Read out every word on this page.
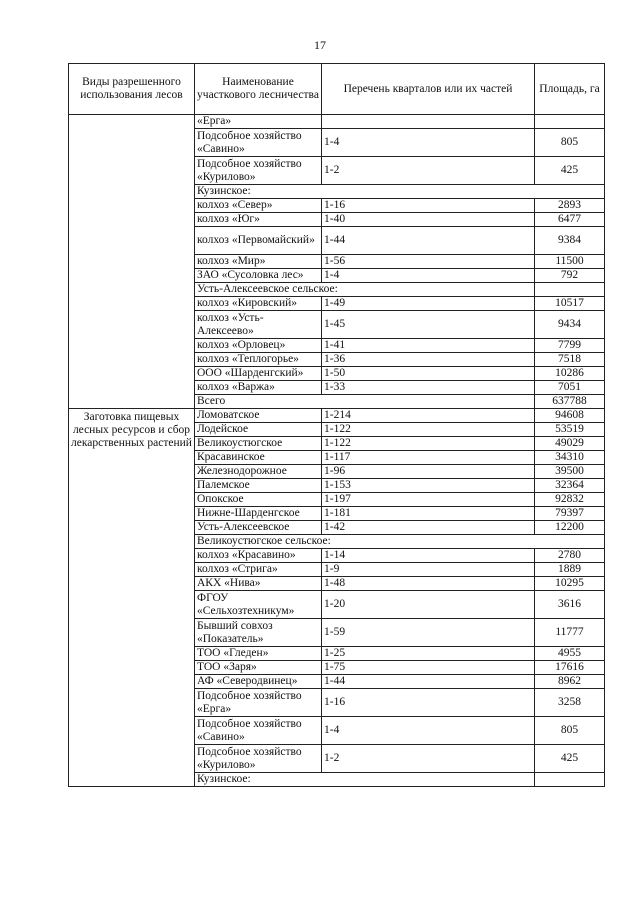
17
Виды разрешенного использования лесов	Наименование участкового лесничества	Перечень кварталов или их частей	Площадь, га
	«Ерга»		
	Подсобное хозяйство «Савино»	1-4	805
	Подсобное хозяйство «Курилово»	1-2	425
	Кузинское:		
	колхоз «Север»	1-16	2893
	колхоз «Юг»	1-40	6477
	колхоз «Первомайский»	1-44	9384
	колхоз «Мир»	1-56	11500
	ЗАО «Сусоловка лес»	1-4	792
	Усть-Алексеевское сельское:		
	колхоз «Кировский»	1-49	10517
	колхоз «Усть-Алексеево»	1-45	9434
	колхоз «Орловец»	1-41	7799
	колхоз «Теплогорье»	1-36	7518
	ООО «Шарденгский»	1-50	10286
	колхоз «Варжа»	1-33	7051
	Всего		637788
Заготовка пищевых лесных ресурсов и сбор лекарственных растений	Ломоватское	1-214	94608
	Лодейское	1-122	53519
	Великоустюгское	1-122	49029
	Красавинское	1-117	34310
	Железнодорожное	1-96	39500
	Палемское	1-153	32364
	Опокское	1-197	92832
	Нижне-Шарденгское	1-181	79397
	Усть-Алексеевское	1-42	12200
	Великоустюгское сельское:		
	колхоз «Красавино»	1-14	2780
	колхоз «Стрига»	1-9	1889
	АКХ «Нива»	1-48	10295
	ФГОУ «Сельхозтехникум»	1-20	3616
	Бывший совхоз «Показатель»	1-59	11777
	ТОО «Гледен»	1-25	4955
	ТОО «Заря»	1-75	17616
	АФ «Северодвинец»	1-44	8962
	Подсобное хозяйство «Ерга»	1-16	3258
	Подсобное хозяйство «Савино»	1-4	805
	Подсобное хозяйство «Курилово»	1-2	425
	Кузинское:		
